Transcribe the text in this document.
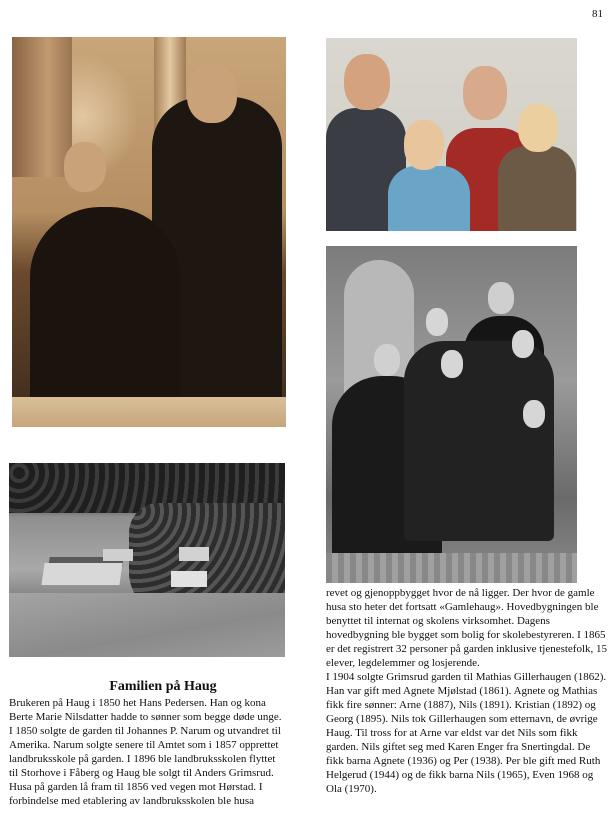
81
Familien på Haug

Brukeren på Haug i 1850 het Hans Pedersen. Han og kona Berte Marie Nilsdatter hadde to sønner som begge døde unge. I 1850 solgte de garden til Johannes P. Narum og utvandret til Amerika. Narum solgte senere til Amtet som i 1857 opprettet landbruksskole på garden. I 1896 ble landbruksskolen flyttet til Storhove i Fåberg og Haug ble solgt til Anders Grimsrud.

Husa på garden lå fram til 1856 ved vegen mot Hørstad. I forbindelse med etablering av landbruksskolen ble husa

revet og gjenoppbygget hvor de nå ligger. Der hvor de gamle husa sto heter det fortsatt «Gamlehaug». Hovedbygningen ble benyttet til internat og skolens virksomhet. Dagens hovedbygning ble bygget som bolig for skolebestyreren. I 1865 er det registrert 32 personer på garden inklusive tjenestefolk, 15 elever, legdelemmer og losjerende.

I 1904 solgte Grimsrud garden til Mathias Gillerhaugen (1862). Han var gift med Agnete Mjølstad (1861). Agnete og Mathias fikk fire sønner: Arne (1887), Nils (1891). Kristian (1892) og Georg (1895). Nils tok Gillerhaugen som etternavn, de øvrige Haug. Til tross for at Arne var eldst var det Nils som fikk garden. Nils giftet seg med Karen Enger fra Snertingdal. De fikk barna Agnete (1936) og Per (1938). Per ble gift med Ruth Helgerud (1944) og de fikk barna Nils (1965), Even 1968 og Ola (1970).
